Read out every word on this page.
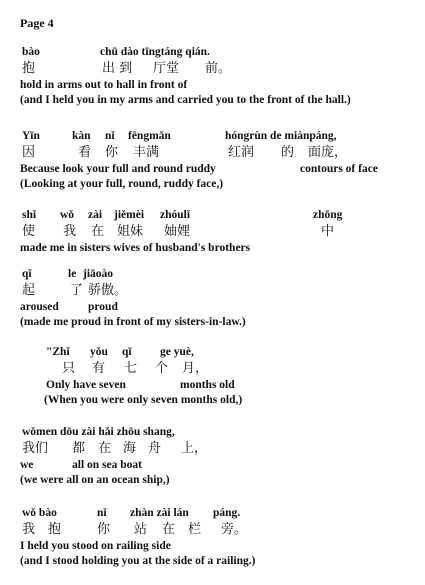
Page 4
bào	chū dào tīngtáng qián.
抱	出 到 厅堂 前。
hold in arms out to hall in front of
(and I held you in my arms and carried you to the front of the hall.)
Yīn	kàn nǐ fēngmǎn	hóngrùn de miànpáng,
因	看 你 丰满	红润 的 面庞，
Because look your full and round ruddy	contours of face
(Looking at your full, round, ruddy face,)
shǐ wǒ zài jiěmèi zhóulǐ	zhōng
使 我 在 姐妹 妯娌	中
made me in sisters wives of husband's brothers
qǐ	le jiāoào
起	了 骄傲。
aroused	proud
(made me proud in front of my sisters-in-law.)
"Zhǐ yǒu qī ge yuè,
只 有 七 个 月，
Only have seven	months old
(When you were only seven months old,)
wǒmen dōu zài hǎi zhōu shang,
我们 都 在 海 舟 上，
we	all on sea boat
(we were all on an ocean ship,)
wǒ bào	nǐ zhàn zài lán páng.
我 抱	你 站 在 栏 旁。
I held you stood on railing side
(and I stood holding you at the side of a railing.)
